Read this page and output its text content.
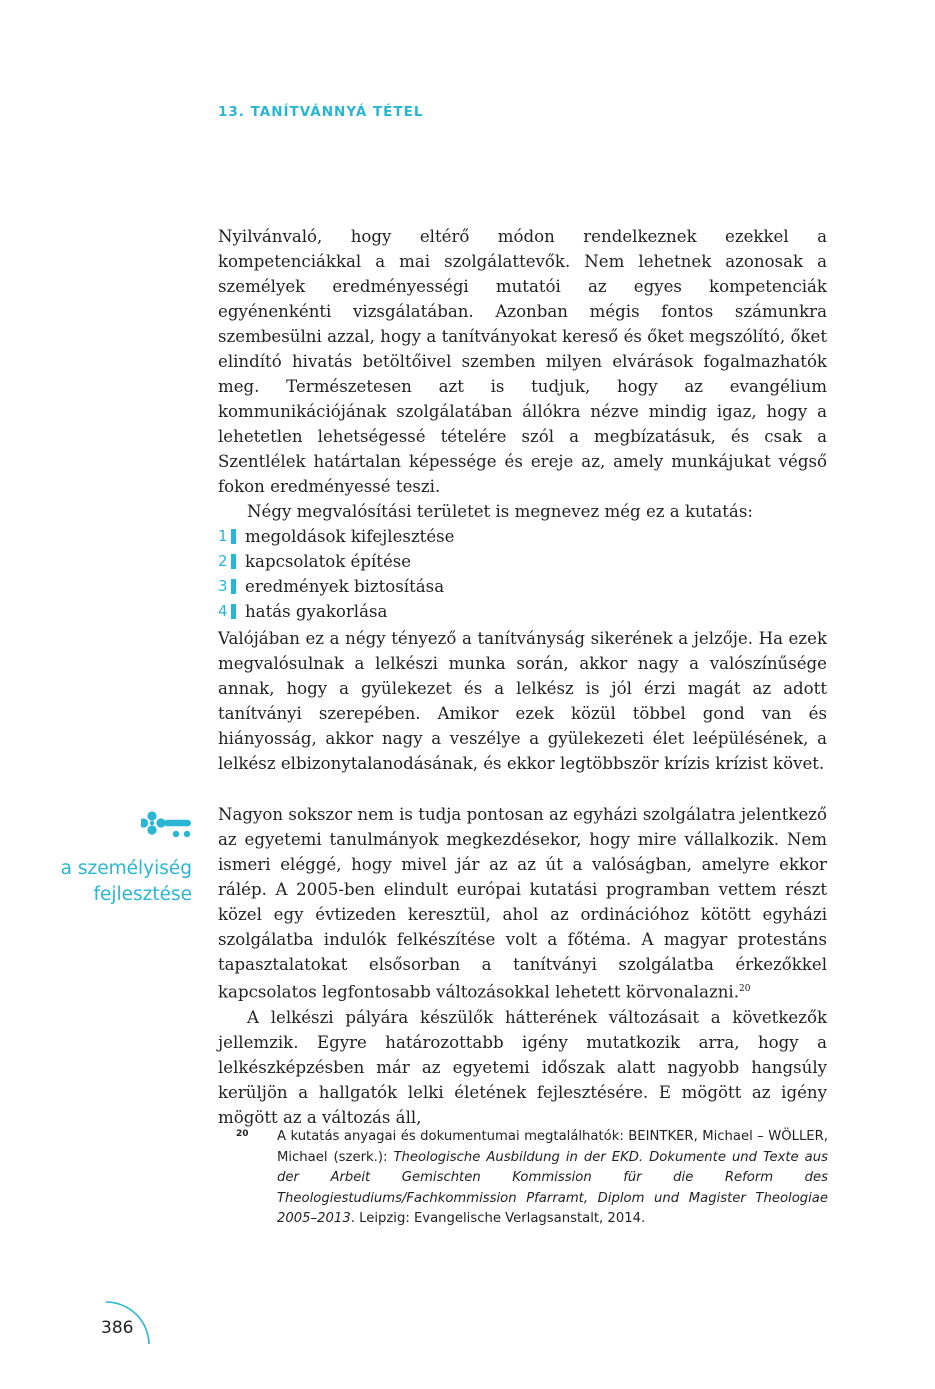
13. TANÍTVÁNNYÁ TÉTEL

Nyilvánvaló, hogy eltérő módon rendelkeznek ezekkel a kompetenciákkal a mai szolgálattevők. Nem lehetnek azonosak a személyek eredményességi mutatói az egyes kompetenciák egyénenkénti vizsgálatában. Azonban mégis fontos számunkra szembesülni azzal, hogy a tanítványokat kereső és őket megszólító, őket elindító hivatás betöltőivel szemben milyen elvárások fogalmazhatók meg. Természetesen azt is tudjuk, hogy az evangélium kommunikációjának szolgálatában állókra nézve mindig igaz, hogy a lehetetlen lehetségessé tételére szól a megbízatásuk, és csak a Szentlélek határtalan képessége és ereje az, amely munkájukat végső fokon eredményessé teszi.

Négy megvalósítási területet is megnevez még ez a kutatás:

1 megoldások kifejlesztése
2 kapcsolatok építése
3 eredmények biztosítása
4 hatás gyakorlása

Valójában ez a négy tényező a tanítványság sikerének a jelzője. Ha ezek megvalósulnak a lelkészi munka során, akkor nagy a valószínűsége annak, hogy a gyülekezet és a lelkész is jól érzi magát az adott tanítványi szerepében. Amikor ezek közül többel gond van és hiányosság, akkor nagy a veszélye a gyülekezeti élet leépülésének, a lelkész elbizonytalanodásának, és ekkor legtöbbször krízis krízist követ.

a személyiség
fejlesztése

Nagyon sokszor nem is tudja pontosan az egyházi szolgálatra jelentkező az egyetemi tanulmányok megkezdésekor, hogy mire vállalkozik. Nem ismeri eléggé, hogy mivel jár az az út a valóságban, amelyre ekkor rálép. A 2005-ben elindult európai kutatási programban vettem részt közel egy évtizeden keresztül, ahol az ordinációhoz kötött egyházi szolgálatba indulók felkészítése volt a főtéma. A magyar protestáns tapasztalatokat elsősorban a tanítványi szolgálatba érkezőkkel kapcsolatos legfontosabb változásokkal lehetett körvonalazni.$^{20}$

A lelkészi pályára készülők hátterének változásait a következők jellemzik. Egyre határozottabb igény mutatkozik arra, hogy a lelkészképzésben már az egyetemi időszak alatt nagyobb hangsúly kerüljön a hallgatók lelki életének fejlesztésére. E mögött az igény mögött az a változás áll,

20 A kutatás anyagai és dokumentumai megtalálhatók: BEINTKER, Michael – WÖLLER, Michael (szerk.): Theologische Ausbildung in der EKD. Dokumente und Texte aus der Arbeit Gemischten Kommission für die Reform des Theologiestudiums/Fachkommission Pfarramt, Diplom und Magister Theologiae 2005–2013. Leipzig: Evangelische Verlagsanstalt, 2014.
386
